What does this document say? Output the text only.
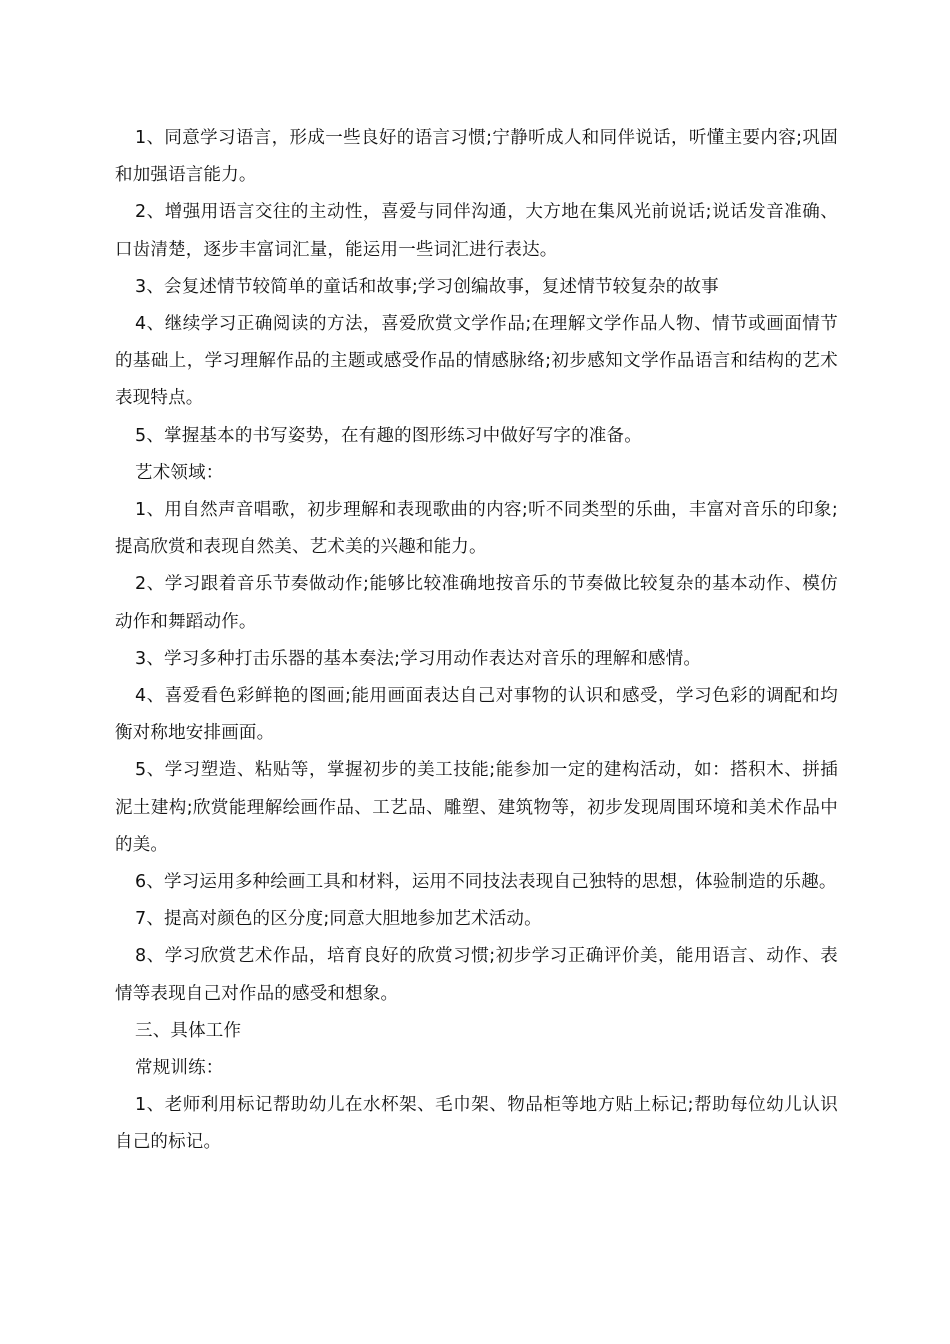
1、同意学习语言，形成一些良好的语言习惯;宁静听成人和同伴说话，听懂主要内容;巩固和加强语言能力。

2、增强用语言交往的主动性，喜爱与同伴沟通，大方地在集风光前说话;说话发音准确、口齿清楚，逐步丰富词汇量，能运用一些词汇进行表达。

3、会复述情节较简单的童话和故事;学习创编故事，复述情节较复杂的故事

4、继续学习正确阅读的方法，喜爱欣赏文学作品;在理解文学作品人物、情节或画面情节的基础上，学习理解作品的主题或感受作品的情感脉络;初步感知文学作品语言和结构的艺术表现特点。

5、掌握基本的书写姿势，在有趣的图形练习中做好写字的准备。

艺术领域：

1、用自然声音唱歌，初步理解和表现歌曲的内容;听不同类型的乐曲，丰富对音乐的印象;提高欣赏和表现自然美、艺术美的兴趣和能力。

2、学习跟着音乐节奏做动作;能够比较准确地按音乐的节奏做比较复杂的基本动作、模仿动作和舞蹈动作。

3、学习多种打击乐器的基本奏法;学习用动作表达对音乐的理解和感情。

4、喜爱看色彩鲜艳的图画;能用画面表达自己对事物的认识和感受，学习色彩的调配和均衡对称地安排画面。

5、学习塑造、粘贴等，掌握初步的美工技能;能参加一定的建构活动，如：搭积木、拼插泥土建构;欣赏能理解绘画作品、工艺品、雕塑、建筑物等，初步发现周围环境和美术作品中的美。

6、学习运用多种绘画工具和材料，运用不同技法表现自己独特的思想，体验制造的乐趣。

7、提高对颜色的区分度;同意大胆地参加艺术活动。

8、学习欣赏艺术作品，培育良好的欣赏习惯;初步学习正确评价美，能用语言、动作、表情等表现自己对作品的感受和想象。

三、具体工作

常规训练：

1、老师利用标记帮助幼儿在水杯架、毛巾架、物品柜等地方贴上标记;帮助每位幼儿认识自己的标记。
